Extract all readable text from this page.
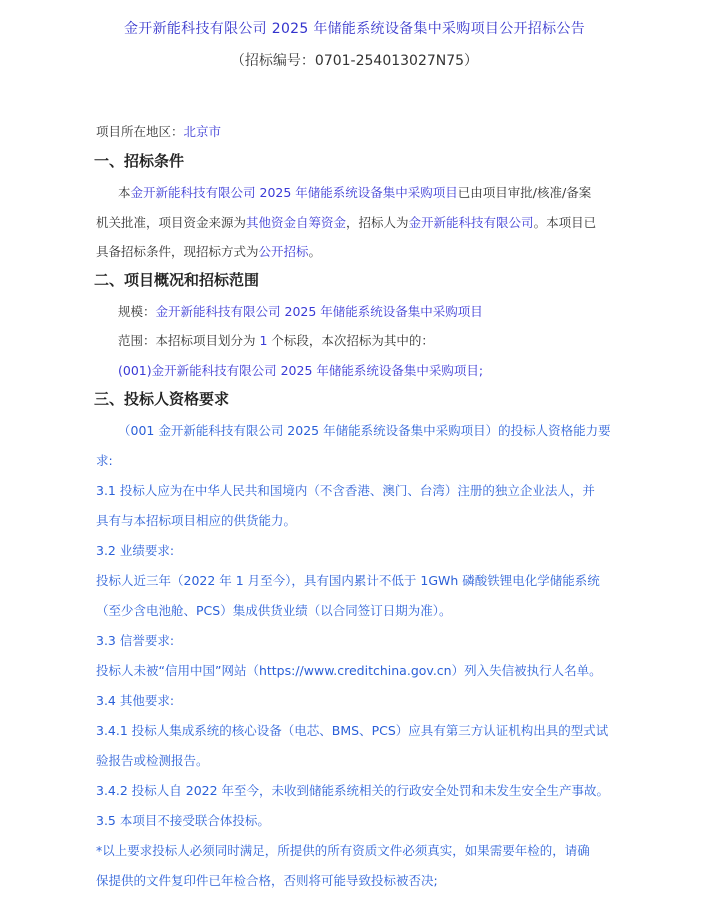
金开新能科技有限公司 2025 年储能系统设备集中采购项目公开招标公告
（招标编号：0701-254013027N75）
项目所在地区：北京市
一、招标条件
本金开新能科技有限公司 2025 年储能系统设备集中采购项目已由项目审批/核准/备案
机关批准，项目资金来源为其他资金自筹资金，招标人为金开新能科技有限公司。本项目已
具备招标条件，现招标方式为公开招标。
二、项目概况和招标范围
规模：金开新能科技有限公司 2025 年储能系统设备集中采购项目
范围：本招标项目划分为 1 个标段，本次招标为其中的：
(001)金开新能科技有限公司 2025 年储能系统设备集中采购项目;
三、投标人资格要求
（001 金开新能科技有限公司 2025 年储能系统设备集中采购项目）的投标人资格能力要
求:
3.1 投标人应为在中华人民共和国境内（不含香港、澳门、台湾）注册的独立企业法人，并
具有与本招标项目相应的供货能力。
3.2 业绩要求:
投标人近三年（2022 年 1 月至今），具有国内累计不低于 1GWh 磷酸铁锂电化学储能系统
（至少含电池舱、PCS）集成供货业绩（以合同签订日期为准）。
3.3 信誉要求:
投标人未被“信用中国”网站（https://www.creditchina.gov.cn）列入失信被执行人名单。
3.4 其他要求:
3.4.1 投标人集成系统的核心设备（电芯、BMS、PCS）应具有第三方认证机构出具的型式试
验报告或检测报告。
3.4.2 投标人自 2022 年至今，未收到储能系统相关的行政安全处罚和未发生安全生产事故。
3.5 本项目不接受联合体投标。
*以上要求投标人必须同时满足，所提供的所有资质文件必须真实，如果需要年检的，请确
保提供的文件复印件已年检合格，否则将可能导致投标被否决;
